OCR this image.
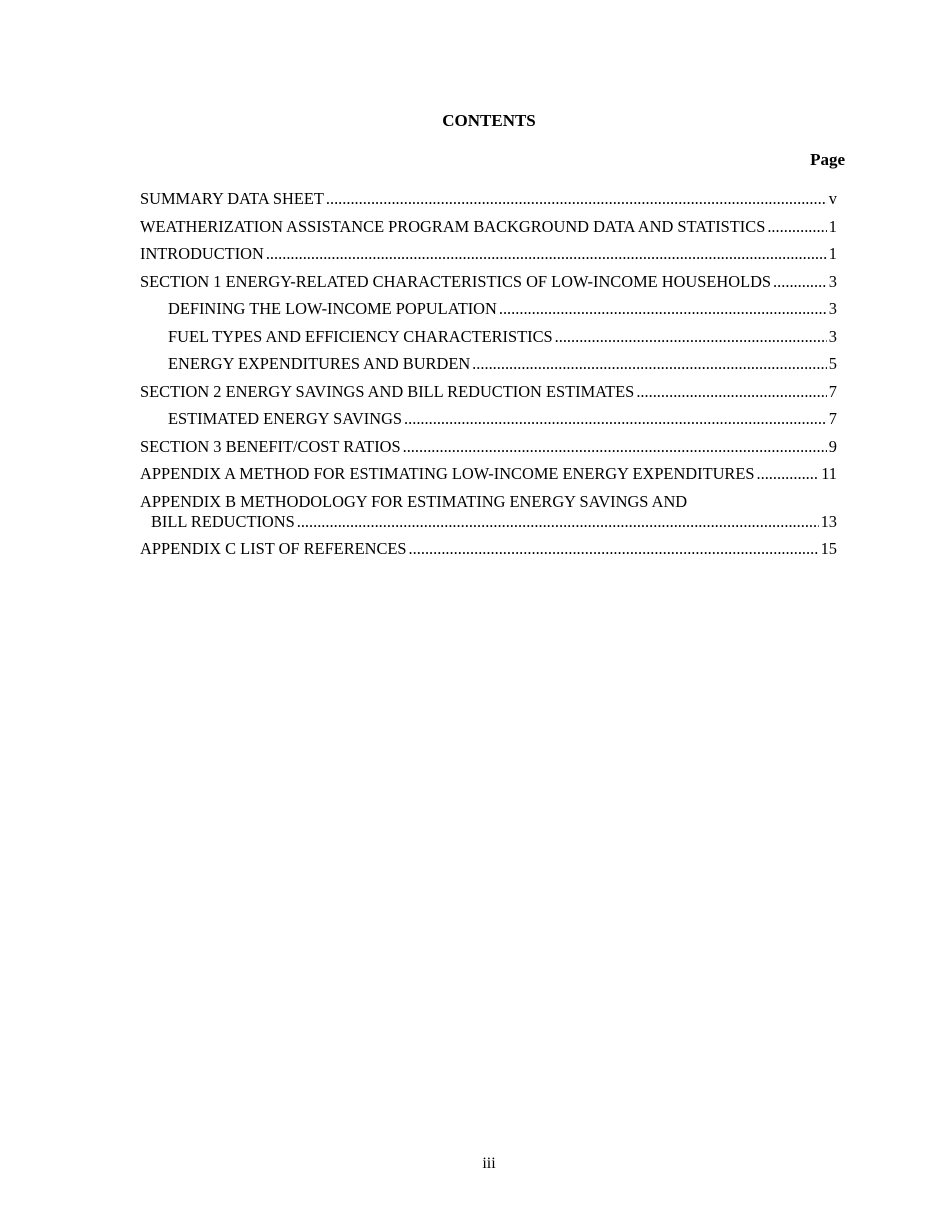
CONTENTS
Page
SUMMARY DATA SHEET .....	v
WEATHERIZATION ASSISTANCE PROGRAM BACKGROUND DATA AND STATISTICS .....	1
INTRODUCTION .....	1
SECTION 1 ENERGY-RELATED CHARACTERISTICS OF LOW-INCOME HOUSEHOLDS .....	3
DEFINING THE LOW-INCOME POPULATION .....	3
FUEL TYPES AND EFFICIENCY CHARACTERISTICS .....	3
ENERGY EXPENDITURES AND BURDEN .....	5
SECTION 2 ENERGY SAVINGS AND BILL REDUCTION ESTIMATES .....	7
ESTIMATED ENERGY SAVINGS .....	7
SECTION 3 BENEFIT/COST RATIOS .....	9
APPENDIX A METHOD FOR ESTIMATING LOW-INCOME ENERGY EXPENDITURES .....	11
APPENDIX B METHODOLOGY FOR ESTIMATING ENERGY SAVINGS AND
BILL REDUCTIONS .....	13
APPENDIX C LIST OF REFERENCES .....	15
iii
